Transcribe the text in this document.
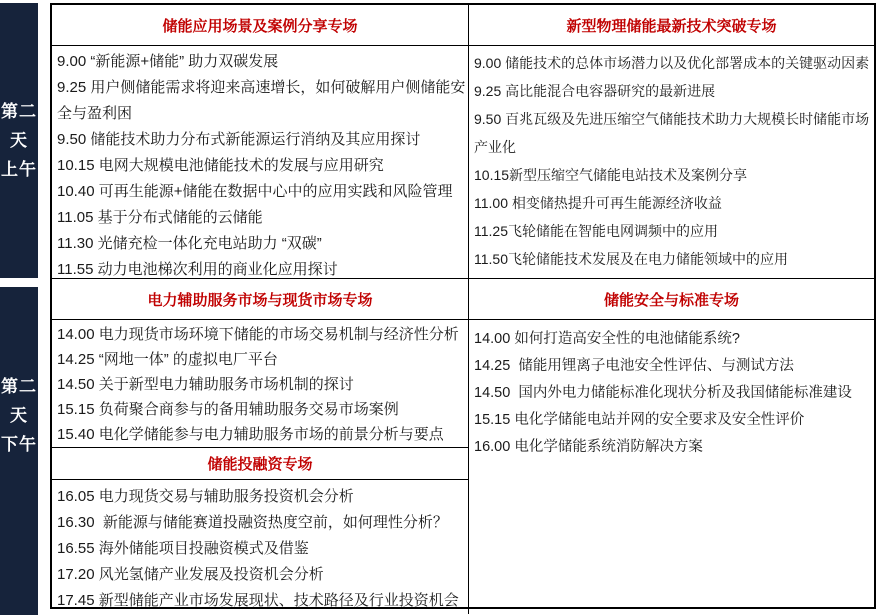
第二
天
上午
第二
天
下午
储能应用场景及案例分享专场	新型物理储能最新技术突破专场
9.00 “新能源+储能” 助力双碳发展
9.25 用户侧储能需求将迎来高速增长，如何破解用户侧储能安全与盈利困
9.50 储能技术助力分布式新能源运行消纳及其应用探讨
10.15 电网大规模电池储能技术的发展与应用研究
10.40 可再生能源+储能在数据中心中的应用实践和风险管理
11.05 基于分布式储能的云储能
11.30 光储充检一体化充电站助力 “双碳”
11.55 动力电池梯次利用的商业化应用探讨
9.00 储能技术的总体市场潜力以及优化部署成本的关键驱动因素
9.25 高比能混合电容器研究的最新进展
9.50 百兆瓦级及先进压缩空气储能技术助力大规模长时储能市场产业化
10.15新型压缩空气储能电站技术及案例分享
11.00 相变储热提升可再生能源经济收益
11.25飞轮储能在智能电网调频中的应用
11.50飞轮储能技术发展及在电力储能领域中的应用
电力辅助服务市场与现货市场专场	储能安全与标准专场
14.00 电力现货市场环境下储能的市场交易机制与经济性分析
14.25 “网地一体” 的虚拟电厂平台
14.50 关于新型电力辅助服务市场机制的探讨
15.15 负荷聚合商参与的备用辅助服务交易市场案例
15.40 电化学储能参与电力辅助服务市场的前景分析与要点
储能投融资专场
16.05 电力现货交易与辅助服务投资机会分析
16.30  新能源与储能赛道投融资热度空前，如何理性分析？
16.55 海外储能项目投融资模式及借鉴
17.20 风光氢储产业发展及投资机会分析
17.45 新型储能产业市场发展现状、技术路径及行业投资机会
14.00 如何打造高安全性的电池储能系统?
14.25  储能用锂离子电池安全性评估、与测试方法
14.50  国内外电力储能标准化现状分析及我国储能标准建设
15.15 电化学储能电站并网的安全要求及安全性评价
16.00 电化学储能系统消防解决方案
